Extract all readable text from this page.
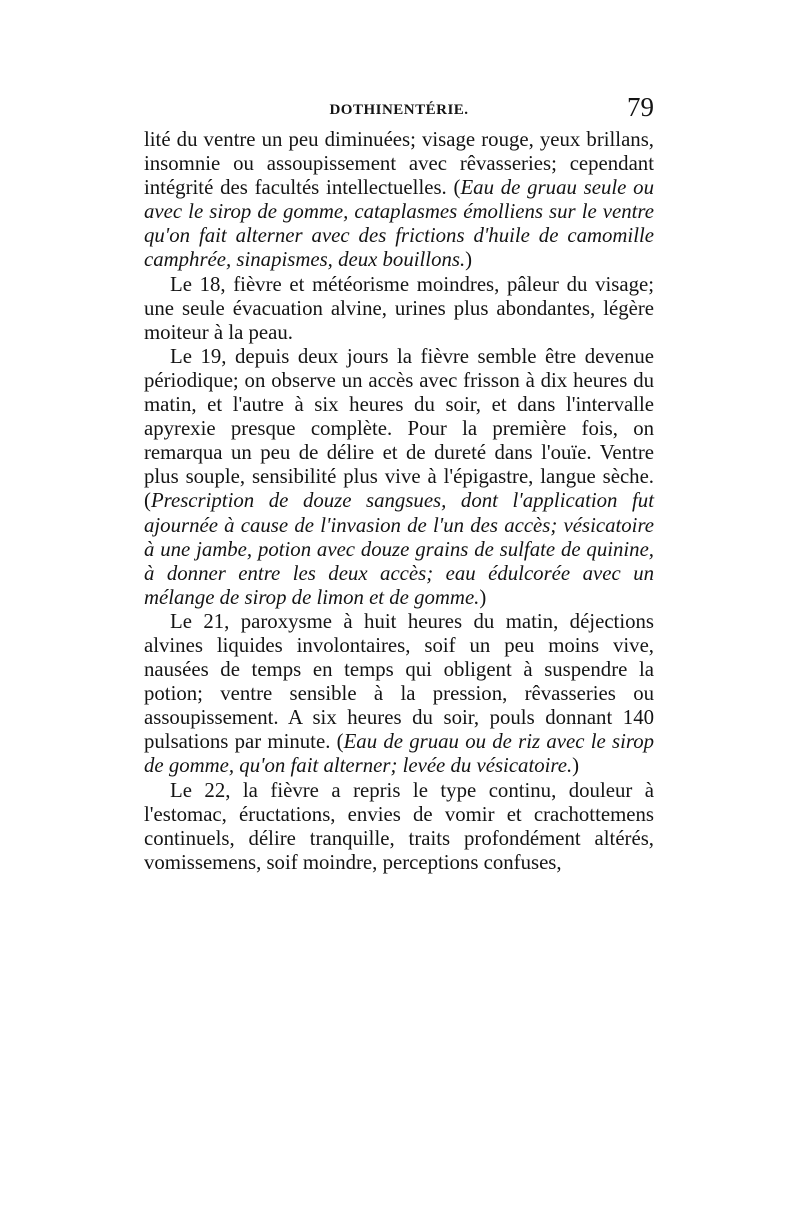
DOTHINENTÉRIE.	79

lité du ventre un peu diminuées; visage rouge, yeux brillans, insomnie ou assoupissement avec rêvasseries; cependant intégrité des facultés intellectuelles. (Eau de gruau seule ou avec le sirop de gomme, cataplasmes émolliens sur le ventre qu'on fait alterner avec des frictions d'huile de camomille camphrée, sinapismes, deux bouillons.)

Le 18, fièvre et météorisme moindres, pâleur du visage; une seule évacuation alvine, urines plus abondantes, légère moiteur à la peau.

Le 19, depuis deux jours la fièvre semble être devenue périodique; on observe un accès avec frisson à dix heures du matin, et l'autre à six heures du soir, et dans l'intervalle apyrexie presque complète. Pour la première fois, on remarqua un peu de délire et de dureté dans l'ouïe. Ventre plus souple, sensibilité plus vive à l'épigastre, langue sèche. (Prescription de douze sangsues, dont l'application fut ajournée à cause de l'invasion de l'un des accès; vésicatoire à une jambe, potion avec douze grains de sulfate de quinine, à donner entre les deux accès; eau édulcorée avec un mélange de sirop de limon et de gomme.)

Le 21, paroxysme à huit heures du matin, déjections alvines liquides involontaires, soif un peu moins vive, nausées de temps en temps qui obligent à suspendre la potion; ventre sensible à la pression, rêvasseries ou assoupissement. A six heures du soir, pouls donnant 140 pulsations par minute. (Eau de gruau ou de riz avec le sirop de gomme, qu'on fait alterner; levée du vésicatoire.)

Le 22, la fièvre a repris le type continu, douleur à l'estomac, éructations, envies de vomir et crachottemens continuels, délire tranquille, traits profondément altérés, vomissemens, soif moindre, perceptions confuses,
